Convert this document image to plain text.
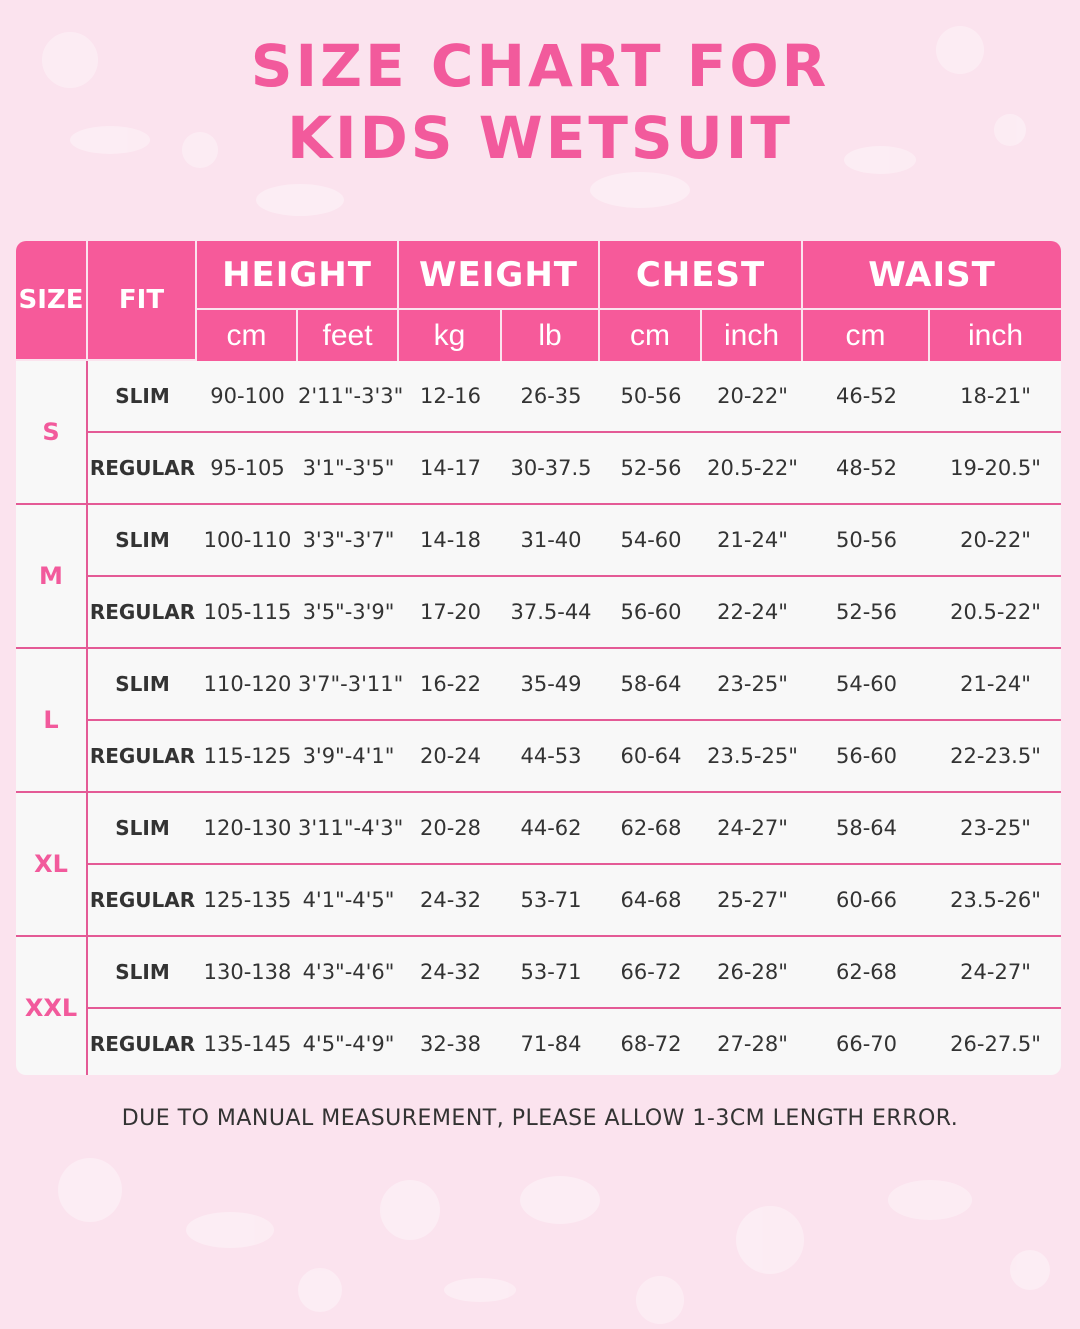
SIZE CHART FOR
KIDS WETSUIT
SIZE	FIT	HEIGHT		WEIGHT		CHEST		WAIST	
		cm	feet	kg	lb	cm	inch	cm	inch
S	SLIM	90-100	2'11"-3'3"	12-16	26-35	50-56	20-22"	46-52	18-21"
	REGULAR	95-105	3'1"-3'5"	14-17	30-37.5	52-56	20.5-22"	48-52	19-20.5"
M	SLIM	100-110	3'3"-3'7"	14-18	31-40	54-60	21-24"	50-56	20-22"
	REGULAR	105-115	3'5"-3'9"	17-20	37.5-44	56-60	22-24"	52-56	20.5-22"
L	SLIM	110-120	3'7"-3'11"	16-22	35-49	58-64	23-25"	54-60	21-24"
	REGULAR	115-125	3'9"-4'1"	20-24	44-53	60-64	23.5-25"	56-60	22-23.5"
XL	SLIM	120-130	3'11"-4'3"	20-28	44-62	62-68	24-27"	58-64	23-25"
	REGULAR	125-135	4'1"-4'5"	24-32	53-71	64-68	25-27"	60-66	23.5-26"
XXL	SLIM	130-138	4'3"-4'6"	24-32	53-71	66-72	26-28"	62-68	24-27"
	REGULAR	135-145	4'5"-4'9"	32-38	71-84	68-72	27-28"	66-70	26-27.5"
DUE TO MANUAL MEASUREMENT, PLEASE ALLOW 1-3CM LENGTH ERROR.
